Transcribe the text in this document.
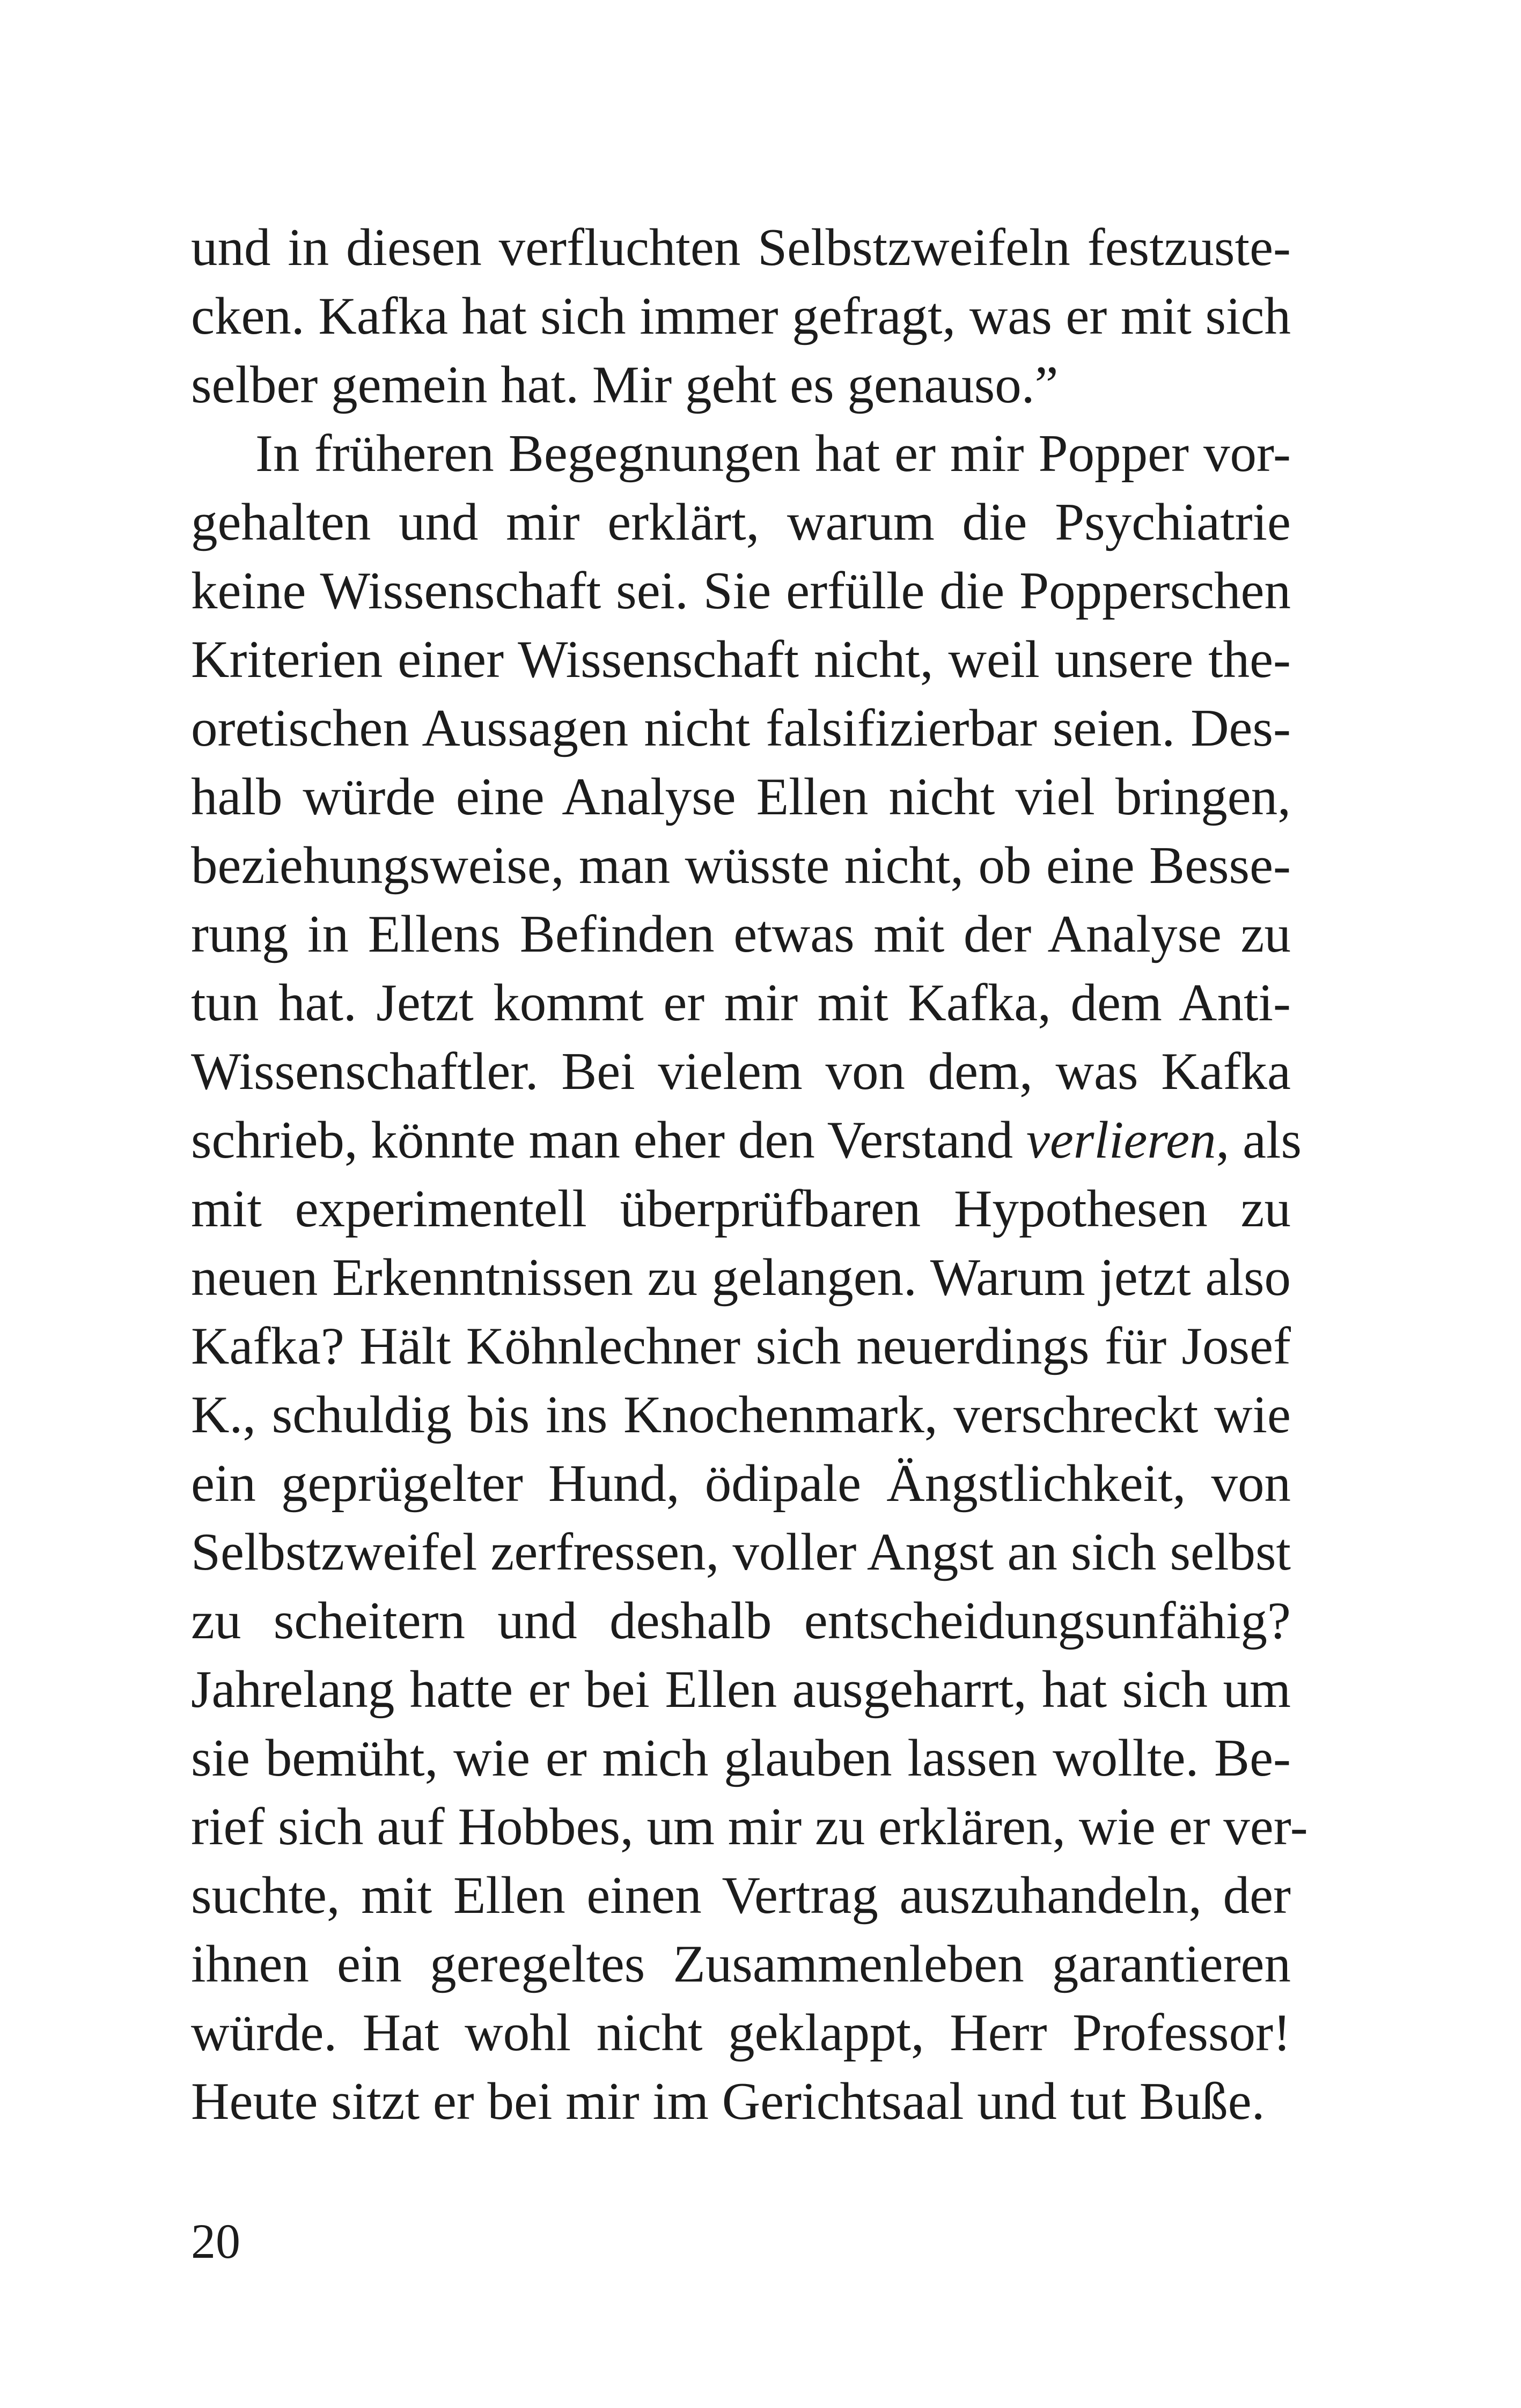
und in diesen verfluchten Selbstzweifeln festzuste-
cken. Kafka hat sich immer gefragt, was er mit sich
selber gemein hat. Mir geht es genauso.”
In früheren Begegnungen hat er mir Popper vor-
gehalten und mir erklärt, warum die Psychiatrie
keine Wissenschaft sei. Sie erfülle die Popperschen
Kriterien einer Wissenschaft nicht, weil unsere the-
oretischen Aussagen nicht falsifizierbar seien. Des-
halb würde eine Analyse Ellen nicht viel bringen,
beziehungsweise, man wüsste nicht, ob eine Besse-
rung in Ellens Befinden etwas mit der Analyse zu
tun hat. Jetzt kommt er mir mit Kafka, dem Anti-
Wissenschaftler. Bei vielem von dem, was Kafka
schrieb, könnte man eher den Verstand verlieren, als
mit experimentell überprüfbaren Hypothesen zu
neuen Erkenntnissen zu gelangen. Warum jetzt also
Kafka? Hält Köhnlechner sich neuerdings für Josef
K., schuldig bis ins Knochenmark, verschreckt wie
ein geprügelter Hund, ödipale Ängstlichkeit, von
Selbstzweifel zerfressen, voller Angst an sich selbst
zu scheitern und deshalb entscheidungsunfähig?
Jahrelang hatte er bei Ellen ausgeharrt, hat sich um
sie bemüht, wie er mich glauben lassen wollte. Be-
rief sich auf Hobbes, um mir zu erklären, wie er ver-
suchte, mit Ellen einen Vertrag auszuhandeln, der
ihnen ein geregeltes Zusammenleben garantieren
würde. Hat wohl nicht geklappt, Herr Professor!
Heute sitzt er bei mir im Gerichtsaal und tut Buße.
20
